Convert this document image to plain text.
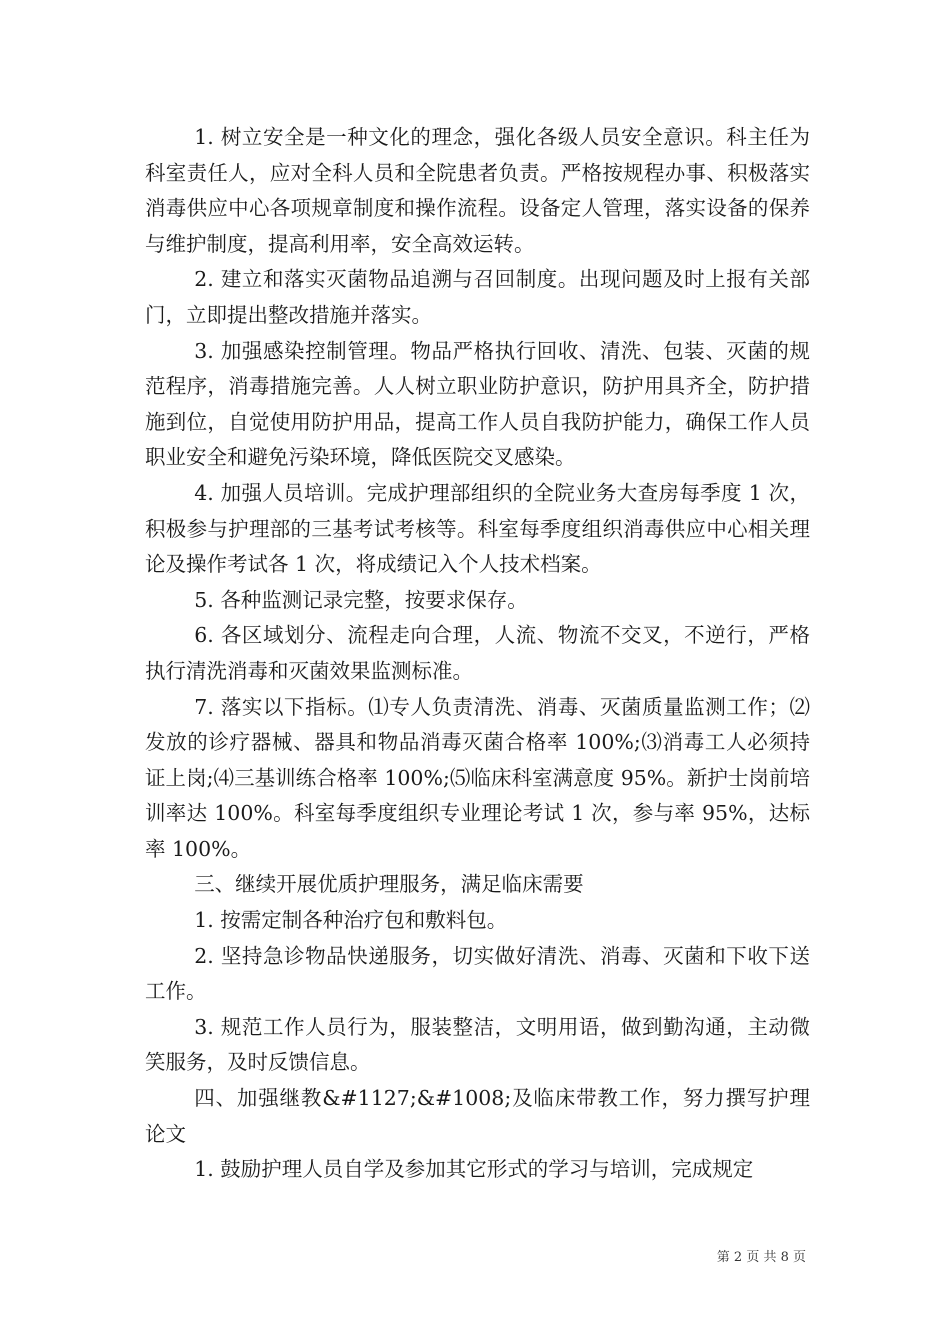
1. 树立安全是一种文化的理念，强化各级人员安全意识。科主任为科室责任人，应对全科人员和全院患者负责。严格按规程办事、积极落实消毒供应中心各项规章制度和操作流程。设备定人管理，落实设备的保养与维护制度，提高利用率，安全高效运转。

2. 建立和落实灭菌物品追溯与召回制度。出现问题及时上报有关部门，立即提出整改措施并落实。

3. 加强感染控制管理。物品严格执行回收、清洗、包装、灭菌的规范程序，消毒措施完善。人人树立职业防护意识，防护用具齐全，防护措施到位，自觉使用防护用品，提高工作人员自我防护能力，确保工作人员职业安全和避免污染环境，降低医院交叉感染。

4. 加强人员培训。完成护理部组织的全院业务大查房每季度 1 次，积极参与护理部的三基考试考核等。科室每季度组织消毒供应中心相关理论及操作考试各 1 次，将成绩记入个人技术档案。

5. 各种监测记录完整，按要求保存。

6. 各区域划分、流程走向合理，人流、物流不交叉，不逆行，严格执行清洗消毒和灭菌效果监测标准。

7. 落实以下指标。⑴专人负责清洗、消毒、灭菌质量监测工作；⑵发放的诊疗器械、器具和物品消毒灭菌合格率 100%;⑶消毒工人必须持证上岗;⑷三基训练合格率 100%;⑸临床科室满意度 95%。新护士岗前培训率达 100%。科室每季度组织专业理论考试 1 次，参与率 95%，达标率 100%。

三、继续开展优质护理服务，满足临床需要

1. 按需定制各种治疗包和敷料包。

2. 坚持急诊物品快递服务，切实做好清洗、消毒、灭菌和下收下送工作。

3. 规范工作人员行为，服装整洁，文明用语，做到勤沟通，主动微笑服务，及时反馈信息。

四、加强继教&#1127;&#1008;及临床带教工作，努力撰写护理论文

1. 鼓励护理人员自学及参加其它形式的学习与培训，完成规定

第 2 页 共 8 页
